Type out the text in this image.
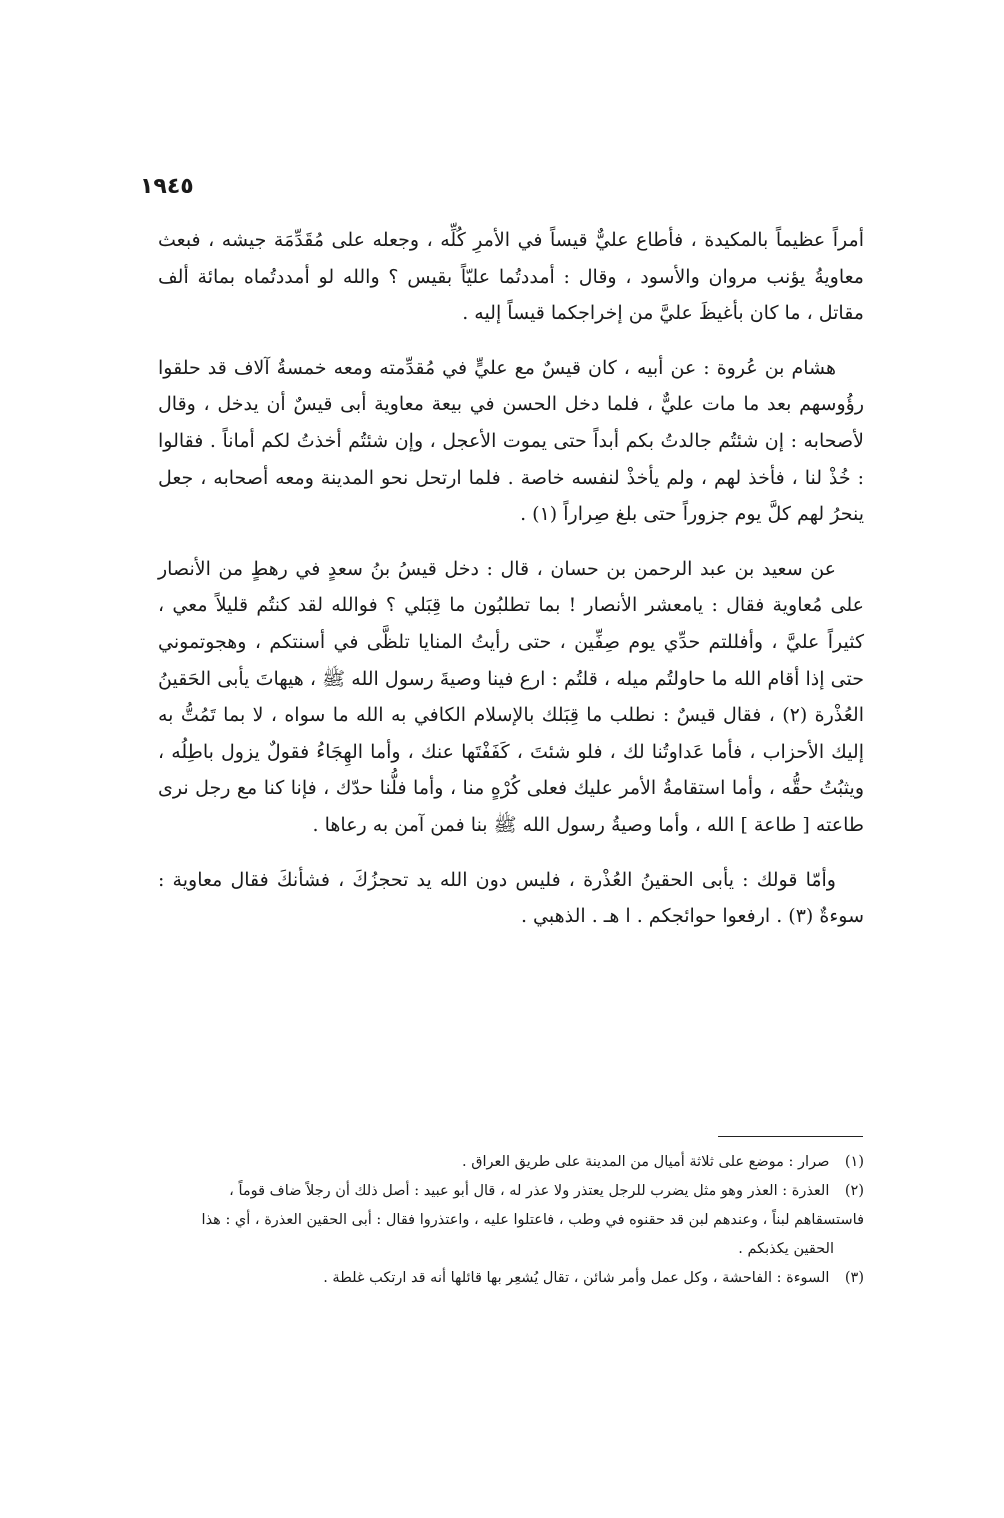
١٩٤٥

أمراً عظيماً بالمكيدة ، فأطاع عليٌّ قيساً في الأمرِ كُلِّه ، وجعله على مُقَدِّمَة جيشه ، فبعث معاويةُ يؤنب مروان والأسود ، وقال : أمددتُما عليّاً بقيس ؟ والله لو أمددتُماه بمائة ألف مقاتل ، ما كان بأغيظَ عليَّ من إخراجكما قيساً إليه .

هشام بن عُروة : عن أبيه ، كان قيسٌ مع عليٍّ في مُقدِّمته ومعه خمسةُ آلاف قد حلقوا رؤُوسهم بعد ما مات عليٌّ ، فلما دخل الحسن في بيعة معاوية أبى قيسٌ أن يدخل ، وقال لأصحابه : إن شئتُم جالدتُ بكم أبداً حتى يموت الأعجل ، وإن شئتُم أخذتُ لكم أماناً . فقالوا : خُذْ لنا ، فأخذ لهم ، ولم يأخذْ لنفسه خاصة . فلما ارتحل نحو المدينة ومعه أصحابه ، جعل ينحرُ لهم كلَّ يوم جزوراً حتى بلغ صِراراً (١) .

عن سعيد بن عبد الرحمن بن حسان ، قال : دخل قيسُ بنُ سعدٍ في رهطٍ من الأنصار على مُعاوية فقال : يامعشر الأنصار ! بما تطلبُون ما قِبَلي ؟ فوالله لقد كنتُم قليلاً معي ، كثيراً عليَّ ، وأفللتم حدِّي يوم صِفِّين ، حتى رأيتُ المنايا تلظَّى في أسنتكم ، وهجوتموني حتى إذا أقام الله ما حاولتُم ميله ، قلتُم : ارع فينا وصيةَ رسول الله ﷺ ، هيهاتَ يأبى الحَقينُ العُذْرة (٢) ، فقال قيسٌ : نطلب ما قِبَلك بالإسلام الكافي به الله ما سواه ، لا بما تَمُتُّ به إليك الأحزاب ، فأما عَداوتُنا لك ، فلو شئتَ ، كَفَفْتَها عنك ، وأما الهِجَاءُ فقولٌ يزول باطِلُه ، ويثبُتُ حقُّه ، وأما استقامةُ الأمر عليك فعلى كُرْهٍ منا ، وأما فلُّنا حدّك ، فإنا كنا مع رجل نرى طاعته [ طاعة ] الله ، وأما وصيةُ رسول الله ﷺ بنا فمن آمن به رعاها .

وأمّا قولك : يأبى الحقينُ العُذْرة ، فليس دون الله يد تحجزُكَ ، فشأنكَ فقال معاوية : سوءةٌ (٣) . ارفعوا حوائجكم . ا هـ . الذهبي .

(١) صرار : موضع على ثلاثة أميال من المدينة على طريق العراق .

(٢) العذرة : العذر وهو مثل يضرب للرجل يعتذر ولا عذر له ، قال أبو عبيد : أصل ذلك أن رجلاً ضاف قوماً ، فاستسقاهم لبناً ، وعندهم لبن قد حقنوه في وطب ، فاعتلوا عليه ، واعتذروا فقال : أبى الحقين العذرة ، أي : هذا
الحقين يكذبكم .

(٣) السوءة : الفاحشة ، وكل عمل وأمر شائن ، تقال يُشعِر بها قائلها أنه قد ارتكب غلطة .
